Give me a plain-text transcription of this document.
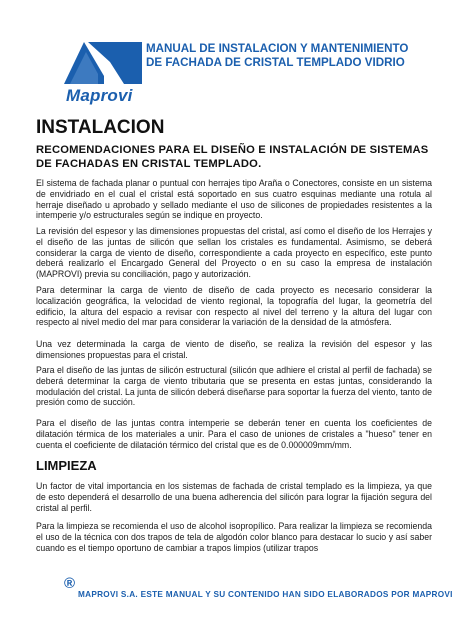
Maprovi
MANUAL DE INSTALACION Y MANTENIMIENTO
DE FACHADA DE CRISTAL TEMPLADO VIDRIO
INSTALACION
RECOMENDACIONES PARA EL DISEÑO E INSTALACIÓN DE SISTEMAS DE FACHADAS EN CRISTAL TEMPLADO.
El sistema de fachada planar o puntual con herrajes tipo Araña o Conectores, consiste en un sistema de envidriado en el cual el cristal está soportado en sus cuatro esquinas mediante una rotula al herraje diseñado u aprobado y sellado mediante el uso de silicones de propiedades resistentes a la intemperie y/o estructurales según se indique en proyecto.
La revisión del espesor y las dimensiones propuestas del cristal, así como el diseño de los Herrajes y el diseño de las juntas de silicón que sellan los cristales es fundamental. Asimismo, se deberá considerar la carga de viento de diseño, correspondiente a cada proyecto en específico, este punto deberá realizarlo el Encargado General del Proyecto o en su caso la empresa de instalación (MAPROVI) previa su conciliación, pago y autorización.
Para determinar la carga de viento de diseño de cada proyecto es necesario considerar la localización geográfica, la velocidad de viento regional, la topografía del lugar, la geometría del edificio, la altura del espacio a revisar con respecto al nivel del terreno y la altura del lugar con respecto al nivel medio del mar para considerar la variación de la densidad de la atmósfera.
Una vez determinada la carga de viento de diseño, se realiza la revisión del espesor y las dimensiones propuestas para el cristal.
Para el diseño de las juntas de silicón estructural (silicón que adhiere el cristal al perfil de fachada) se deberá determinar la carga de viento tributaria que se presenta en estas juntas, considerando la modulación del cristal. La junta de silicón deberá diseñarse para soportar la fuerza del viento, tanto de presión como de succión.
Para el diseño de las juntas contra intemperie se deberán tener en cuenta los coeficientes de dilatación térmica de los materiales a unir. Para el caso de uniones de cristales a "hueso" tener en cuenta el coeficiente de dilatación térmico del cristal que es de 0.000009mm/mm.
LIMPIEZA
Un factor de vital importancia en los sistemas de fachada de cristal templado es la limpieza, ya que de esto dependerá el desarrollo de una buena adherencia del silicón para lograr la fijación segura del cristal al perfil.
Para la limpieza se recomienda el uso de alcohol isopropílico. Para realizar la limpieza se recomienda el uso de la técnica con dos trapos de tela de algodón color blanco para destacar lo sucio y así saber cuando es el tiempo oportuno de cambiar a trapos limpios (utilizar trapos
®
MAPROVI S.A. ESTE MANUAL Y SU CONTENIDO HAN SIDO ELABORADOS POR MAPROVI
